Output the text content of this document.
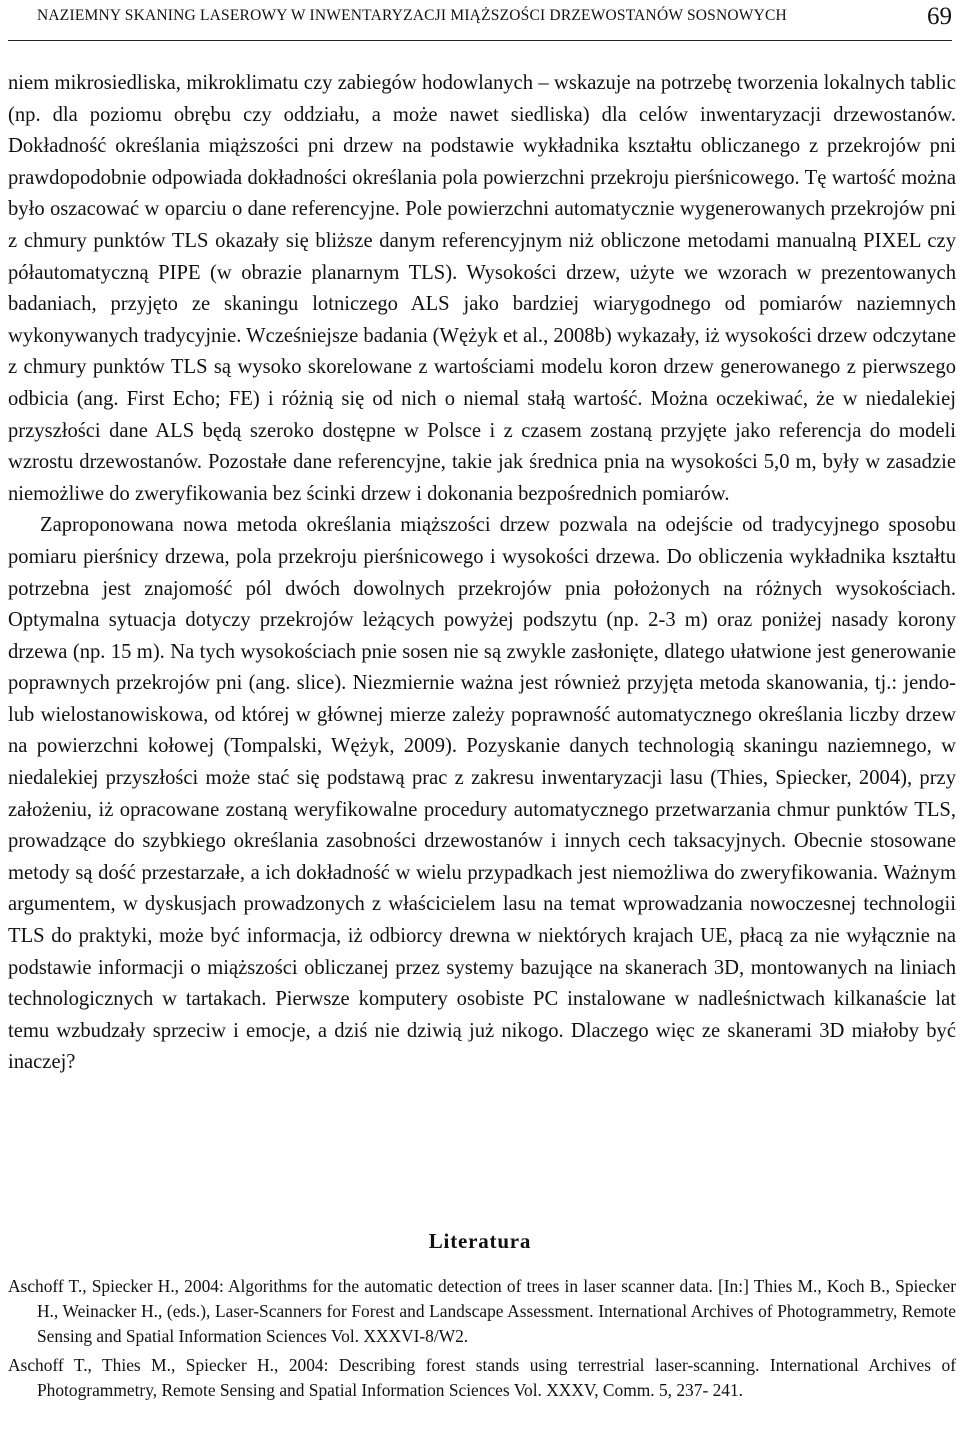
NAZIEMNY SKANING LASEROWY W INWENTARYZACJI MIĄŻSZOŚCI DRZEWOSTANÓW SOSNOWYCH	69

niem mikrosiedliska, mikroklimatu czy zabiegów hodowlanych – wskazuje na potrzebę tworzenia lokalnych tablic (np. dla poziomu obrębu czy oddziału, a może nawet siedliska) dla celów inwentaryzacji drzewostanów. Dokładność określania miąższości pni drzew na podstawie wykładnika kształtu obliczanego z przekrojów pni prawdopodobnie odpowiada dokładności określania pola powierzchni przekroju pierśnicowego. Tę wartość można było oszacować w oparciu o dane referencyjne. Pole powierzchni automatycznie wygenerowanych przekrojów pni z chmury punktów TLS okazały się bliższe danym referencyjnym niż obliczone metodami manualną PIXEL czy półautomatyczną PIPE (w obrazie planarnym TLS). Wysokości drzew, użyte we wzorach w prezentowanych badaniach, przyjęto ze skaningu lotniczego ALS jako bardziej wiarygodnego od pomiarów naziemnych wykonywanych tradycyjnie. Wcześniejsze badania (Wężyk et al., 2008b) wykazały, iż wysokości drzew odczytane z chmury punktów TLS są wysoko skorelowane z wartościami modelu koron drzew generowanego z pierwszego odbicia (ang. First Echo; FE) i różnią się od nich o niemal stałą wartość. Można oczekiwać, że w niedalekiej przyszłości dane ALS będą szeroko dostępne w Polsce i z czasem zostaną przyjęte jako referencja do modeli wzrostu drzewostanów. Pozostałe dane referencyjne, takie jak średnica pnia na wysokości 5,0 m, były w zasadzie niemożliwe do zweryfikowania bez ścinki drzew i dokonania bezpośrednich pomiarów.

Zaproponowana nowa metoda określania miąższości drzew pozwala na odejście od tradycyjnego sposobu pomiaru pierśnicy drzewa, pola przekroju pierśnicowego i wysokości drzewa. Do obliczenia wykładnika kształtu potrzebna jest znajomość pól dwóch dowolnych przekrojów pnia położonych na różnych wysokościach. Optymalna sytuacja dotyczy przekrojów leżących powyżej podszytu (np. 2-3 m) oraz poniżej nasady korony drzewa (np. 15 m). Na tych wysokościach pnie sosen nie są zwykle zasłonięte, dlatego ułatwione jest generowanie poprawnych przekrojów pni (ang. slice). Niezmiernie ważna jest również przyjęta metoda skanowania, tj.: jendo- lub wielostanowiskowa, od której w głównej mierze zależy poprawność automatycznego określania liczby drzew na powierzchni kołowej (Tompalski, Wężyk, 2009). Pozyskanie danych technologią skaningu naziemnego, w niedalekiej przyszłości może stać się podstawą prac z zakresu inwentaryzacji lasu (Thies, Spiecker, 2004), przy założeniu, iż opracowane zostaną weryfikowalne procedury automatycznego przetwarzania chmur punktów TLS, prowadzące do szybkiego określania zasobności drzewostanów i innych cech taksacyjnych. Obecnie stosowane metody są dość przestarzałe, a ich dokładność w wielu przypadkach jest niemożliwa do zweryfikowania. Ważnym argumentem, w dyskusjach prowadzonych z właścicielem lasu na temat wprowadzania nowoczesnej technologii TLS do praktyki, może być informacja, iż odbiorcy drewna w niektórych krajach UE, płacą za nie wyłącznie na podstawie informacji o miąższości obliczanej przez systemy bazujące na skanerach 3D, montowanych na liniach technologicznych w tartakach. Pierwsze komputery osobiste PC instalowane w nadleśnictwach kilkanaście lat temu wzbudzały sprzeciw i emocje, a dziś nie dziwią już nikogo. Dlaczego więc ze skanerami 3D miałoby być inaczej?

Literatura

Aschoff T., Spiecker H., 2004: Algorithms for the automatic detection of trees in laser scanner data. [In:] Thies M., Koch B., Spiecker H., Weinacker H., (eds.), Laser-Scanners for Forest and Landscape Assessment. International Archives of Photogrammetry, Remote Sensing and Spatial Information Sciences Vol. XXXVI-8/W2.

Aschoff T., Thies M., Spiecker H., 2004: Describing forest stands using terrestrial laser-scanning. International Archives of Photogrammetry, Remote Sensing and Spatial Information Sciences Vol. XXXV, Comm. 5, 237- 241.
